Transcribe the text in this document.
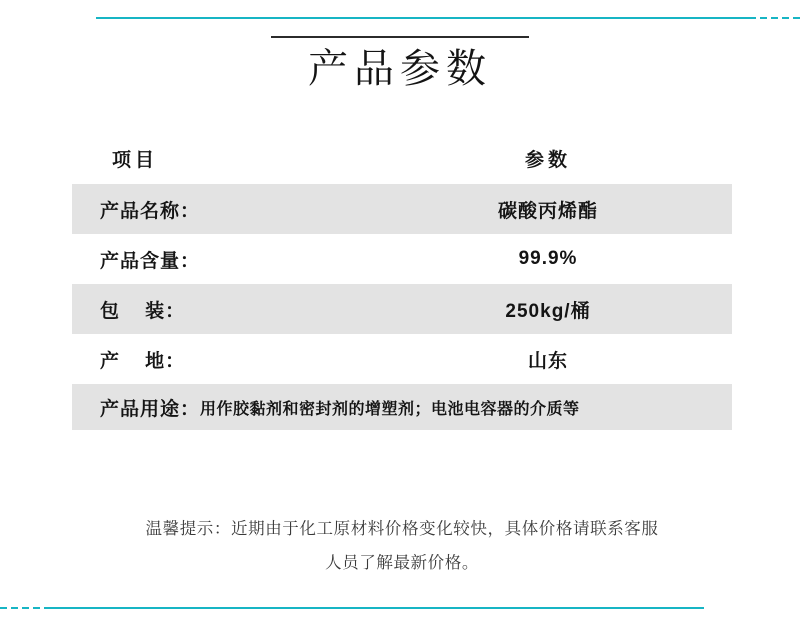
产品参数
项目	参数
产品名称：	碳酸丙烯酯
产品含量：	99.9%
包    装：	250kg/桶
产    地：	山东
产品用途： 用作胶黏剂和密封剂的增塑剂；电池电容器的介质等
温馨提示：近期由于化工原材料价格变化较快，具体价格请联系客服
人员了解最新价格。
